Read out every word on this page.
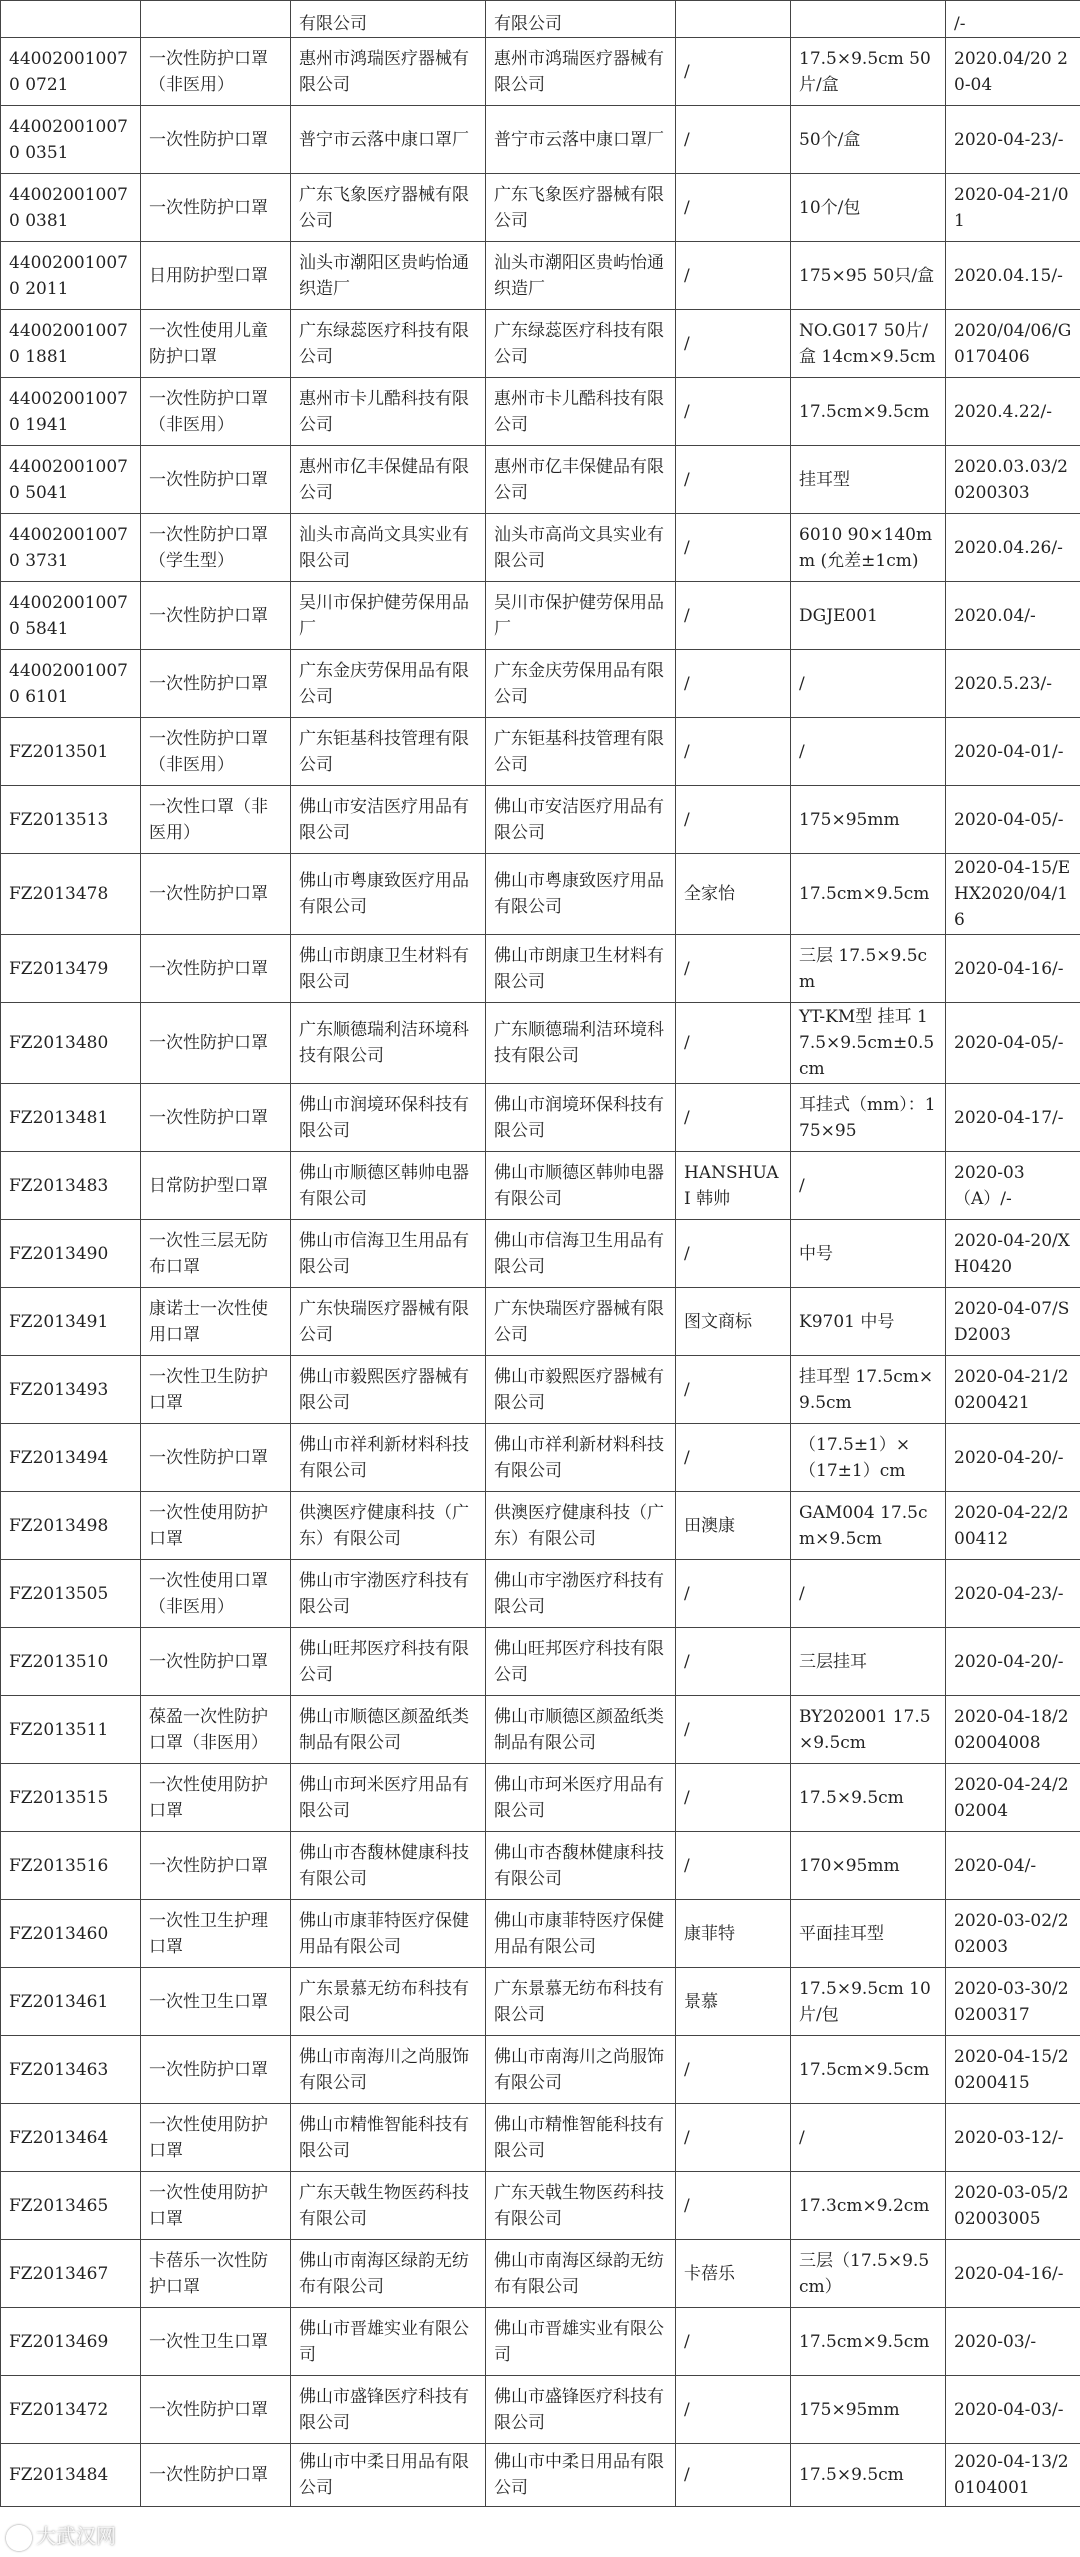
		有限公司	有限公司			/-
440020010070 0721	一次性防护口罩（非医用）	惠州市鸿瑞医疗器械有限公司	惠州市鸿瑞医疗器械有限公司	/	17.5×9.5cm 50片/盒	2020.04/20 20-04
440020010070 0351	一次性防护口罩	普宁市云落中康口罩厂	普宁市云落中康口罩厂	/	50个/盒	2020-04-23/-
440020010070 0381	一次性防护口罩	广东飞象医疗器械有限公司	广东飞象医疗器械有限公司	/	10个/包	2020-04-21/01
440020010070 2011	日用防护型口罩	汕头市潮阳区贵屿怡通织造厂	汕头市潮阳区贵屿怡通织造厂	/	175×95 50只/盒	2020.04.15/-
440020010070 1881	一次性使用儿童防护口罩	广东绿蕊医疗科技有限公司	广东绿蕊医疗科技有限公司	/	NO.G017 50片/盒 14cm×9.5cm	2020/04/06/G0170406
440020010070 1941	一次性防护口罩（非医用）	惠州市卡儿酷科技有限公司	惠州市卡儿酷科技有限公司	/	17.5cm×9.5cm	2020.4.22/-
440020010070 5041	一次性防护口罩	惠州市亿丰保健品有限公司	惠州市亿丰保健品有限公司	/	挂耳型	2020.03.03/20200303
440020010070 3731	一次性防护口罩（学生型）	汕头市高尚文具实业有限公司	汕头市高尚文具实业有限公司	/	6010 90×140mm (允差±1cm)	2020.04.26/-
440020010070 5841	一次性防护口罩	吴川市保护健劳保用品厂	吴川市保护健劳保用品厂	/	DGJE001	2020.04/-
440020010070 6101	一次性防护口罩	广东金庆劳保用品有限公司	广东金庆劳保用品有限公司	/	/	2020.5.23/-
FZ2013501	一次性防护口罩（非医用）	广东钜基科技管理有限公司	广东钜基科技管理有限公司	/	/	2020-04-01/-
FZ2013513	一次性口罩（非医用）	佛山市安洁医疗用品有限公司	佛山市安洁医疗用品有限公司	/	175×95mm	2020-04-05/-
FZ2013478	一次性防护口罩	佛山市粤康致医疗用品有限公司	佛山市粤康致医疗用品有限公司	全家怡	17.5cm×9.5cm	2020-04-15/EHX2020/04/16
FZ2013479	一次性防护口罩	佛山市朗康卫生材料有限公司	佛山市朗康卫生材料有限公司	/	三层 17.5×9.5cm	2020-04-16/-
FZ2013480	一次性防护口罩	广东顺德瑞利洁环境科技有限公司	广东顺德瑞利洁环境科技有限公司	/	YT-KM型 挂耳 17.5×9.5cm±0.5cm	2020-04-05/-
FZ2013481	一次性防护口罩	佛山市润境环保科技有限公司	佛山市润境环保科技有限公司	/	耳挂式（mm）：175×95	2020-04-17/-
FZ2013483	日常防护型口罩	佛山市顺德区韩帅电器有限公司	佛山市顺德区韩帅电器有限公司	HANSHUAI 韩帅	/	2020-03（A）/-
FZ2013490	一次性三层无防布口罩	佛山市信海卫生用品有限公司	佛山市信海卫生用品有限公司	/	中号	2020-04-20/XH0420
FZ2013491	康诺士一次性使用口罩	广东快瑞医疗器械有限公司	广东快瑞医疗器械有限公司	图文商标	K9701 中号	2020-04-07/SD2003
FZ2013493	一次性卫生防护口罩	佛山市毅熙医疗器械有限公司	佛山市毅熙医疗器械有限公司	/	挂耳型 17.5cm×9.5cm	2020-04-21/20200421
FZ2013494	一次性防护口罩	佛山市祥利新材料科技有限公司	佛山市祥利新材料科技有限公司	/	（17.5±1）×（17±1）cm	2020-04-20/-
FZ2013498	一次性使用防护口罩	供澳医疗健康科技（广东）有限公司	供澳医疗健康科技（广东）有限公司	田澳康	GAM004 17.5cm×9.5cm	2020-04-22/200412
FZ2013505	一次性使用口罩（非医用）	佛山市宇渤医疗科技有限公司	佛山市宇渤医疗科技有限公司	/	/	2020-04-23/-
FZ2013510	一次性防护口罩	佛山旺邦医疗科技有限公司	佛山旺邦医疗科技有限公司	/	三层挂耳	2020-04-20/-
FZ2013511	葆盈一次性防护口罩（非医用）	佛山市顺德区颜盈纸类制品有限公司	佛山市顺德区颜盈纸类制品有限公司	/	BY202001 17.5×9.5cm	2020-04-18/202004008
FZ2013515	一次性使用防护口罩	佛山市珂米医疗用品有限公司	佛山市珂米医疗用品有限公司	/	17.5×9.5cm	2020-04-24/202004
FZ2013516	一次性防护口罩	佛山市杏馥林健康科技有限公司	佛山市杏馥林健康科技有限公司	/	170×95mm	2020-04/-
FZ2013460	一次性卫生护理口罩	佛山市康菲特医疗保健用品有限公司	佛山市康菲特医疗保健用品有限公司	康菲特	平面挂耳型	2020-03-02/202003
FZ2013461	一次性卫生口罩	广东景慕无纺布科技有限公司	广东景慕无纺布科技有限公司	景慕	17.5×9.5cm 10片/包	2020-03-30/20200317
FZ2013463	一次性防护口罩	佛山市南海川之尚服饰有限公司	佛山市南海川之尚服饰有限公司	/	17.5cm×9.5cm	2020-04-15/20200415
FZ2013464	一次性使用防护口罩	佛山市精惟智能科技有限公司	佛山市精惟智能科技有限公司	/	/	2020-03-12/-
FZ2013465	一次性使用防护口罩	广东天戟生物医药科技有限公司	广东天戟生物医药科技有限公司	/	17.3cm×9.2cm	2020-03-05/202003005
FZ2013467	卡蓓乐一次性防护口罩	佛山市南海区绿韵无纺布有限公司	佛山市南海区绿韵无纺布有限公司	卡蓓乐	三层（17.5×9.5cm）	2020-04-16/-
FZ2013469	一次性卫生口罩	佛山市晋雄实业有限公司	佛山市晋雄实业有限公司	/	17.5cm×9.5cm	2020-03/-
FZ2013472	一次性防护口罩	佛山市盛锋医疗科技有限公司	佛山市盛锋医疗科技有限公司	/	175×95mm	2020-04-03/-
FZ2013484	一次性防护口罩	佛山市中柔日用品有限公司	佛山市中柔日用品有限公司	/	17.5×9.5cm	2020-04-13/20104001
大武汉网
